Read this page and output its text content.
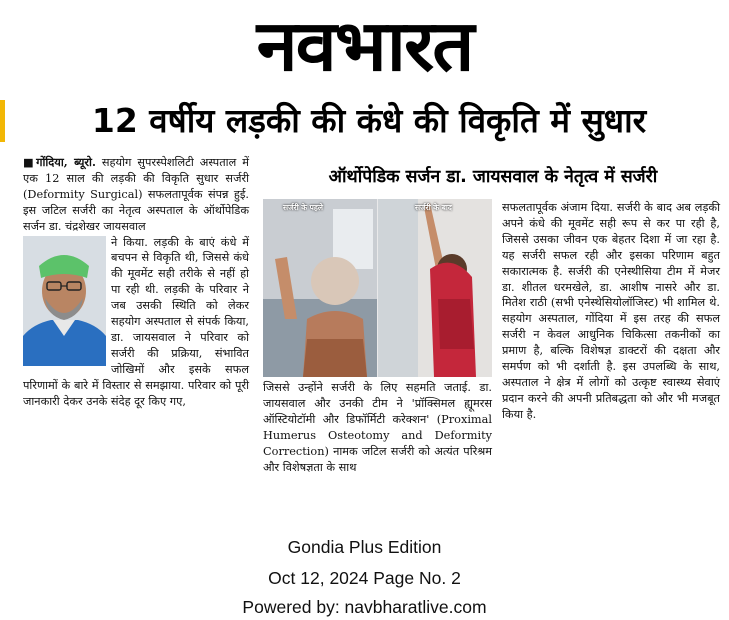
नवभारत
12 वर्षीय लड़की की कंधे की विकृति में सुधार

■गोंदिया, ब्यूरो. सहयोग सुपरस्पेशलिटी अस्पताल में एक 12 साल की लड़की की विकृति सुधार सर्जरी (Deformity Surgical) सफलतापूर्वक संपन्न हुई. इस जटिल सर्जरी का नेतृत्व अस्पताल के ऑर्थोपेडिक सर्जन डा. चंद्रशेखर जायसवाल

ने किया. लड़की के बाएं कंधे में बचपन से विकृति थी, जिससे कंधे की मूवमेंट सही तरीके से नहीं हो पा रही थी. लड़की के परिवार ने जब उसकी स्थिति को लेकर सहयोग अस्पताल से संपर्क किया, डा. जायसवाल ने परिवार को सर्जरी की प्रक्रिया, संभावित जोखिमों और इसके सफल परिणामों के बारे में विस्तार से समझाया. परिवार को पूरी जानकारी देकर उनके संदेह दूर किए गए,

ऑर्थोपेडिक सर्जन डा. जायसवाल के नेतृत्व में सर्जरी
सर्जरी के पहले	सर्जरी के बाद

जिससे उन्होंने सर्जरी के लिए सहमति जताई. डा. जायसवाल और उनकी टीम ने 'प्रॉक्सिमल ह्यूमरस ऑस्टियोटॉमी और डिफॉर्मिटी करेक्शन' (Proximal Humerus Osteotomy and Deformity Correction) नामक जटिल सर्जरी को अत्यंत परिश्रम और विशेषज्ञता के साथ

सफलतापूर्वक अंजाम दिया. सर्जरी के बाद अब लड़की अपने कंधे की मूवमेंट सही रूप से कर पा रही है, जिससे उसका जीवन एक बेहतर दिशा में जा रहा है. यह सर्जरी सफल रही और इसका परिणाम बहुत सकारात्मक है. सर्जरी की एनेस्थीसिया टीम में मेजर डा. शीतल धरमखेले, डा. आशीष नासरे और डा. मितेश राठी (सभी एनेस्थेसियोलॉजिस्ट) भी शामिल थे. सहयोग अस्पताल, गोंदिया में इस तरह की सफल सर्जरी न केवल आधुनिक चिकित्सा तकनीकों का प्रमाण है, बल्कि विशेषज्ञ डाक्टरों की दक्षता और समर्पण को भी दर्शाती है. इस उपलब्धि के साथ, अस्पताल ने क्षेत्र में लोगों को उत्कृष्ट स्वास्थ्य सेवाएं प्रदान करने की अपनी प्रतिबद्धता को और भी मजबूत किया है.

Gondia Plus Edition
Oct 12, 2024 Page No. 2
Powered by: navbharatlive.com
